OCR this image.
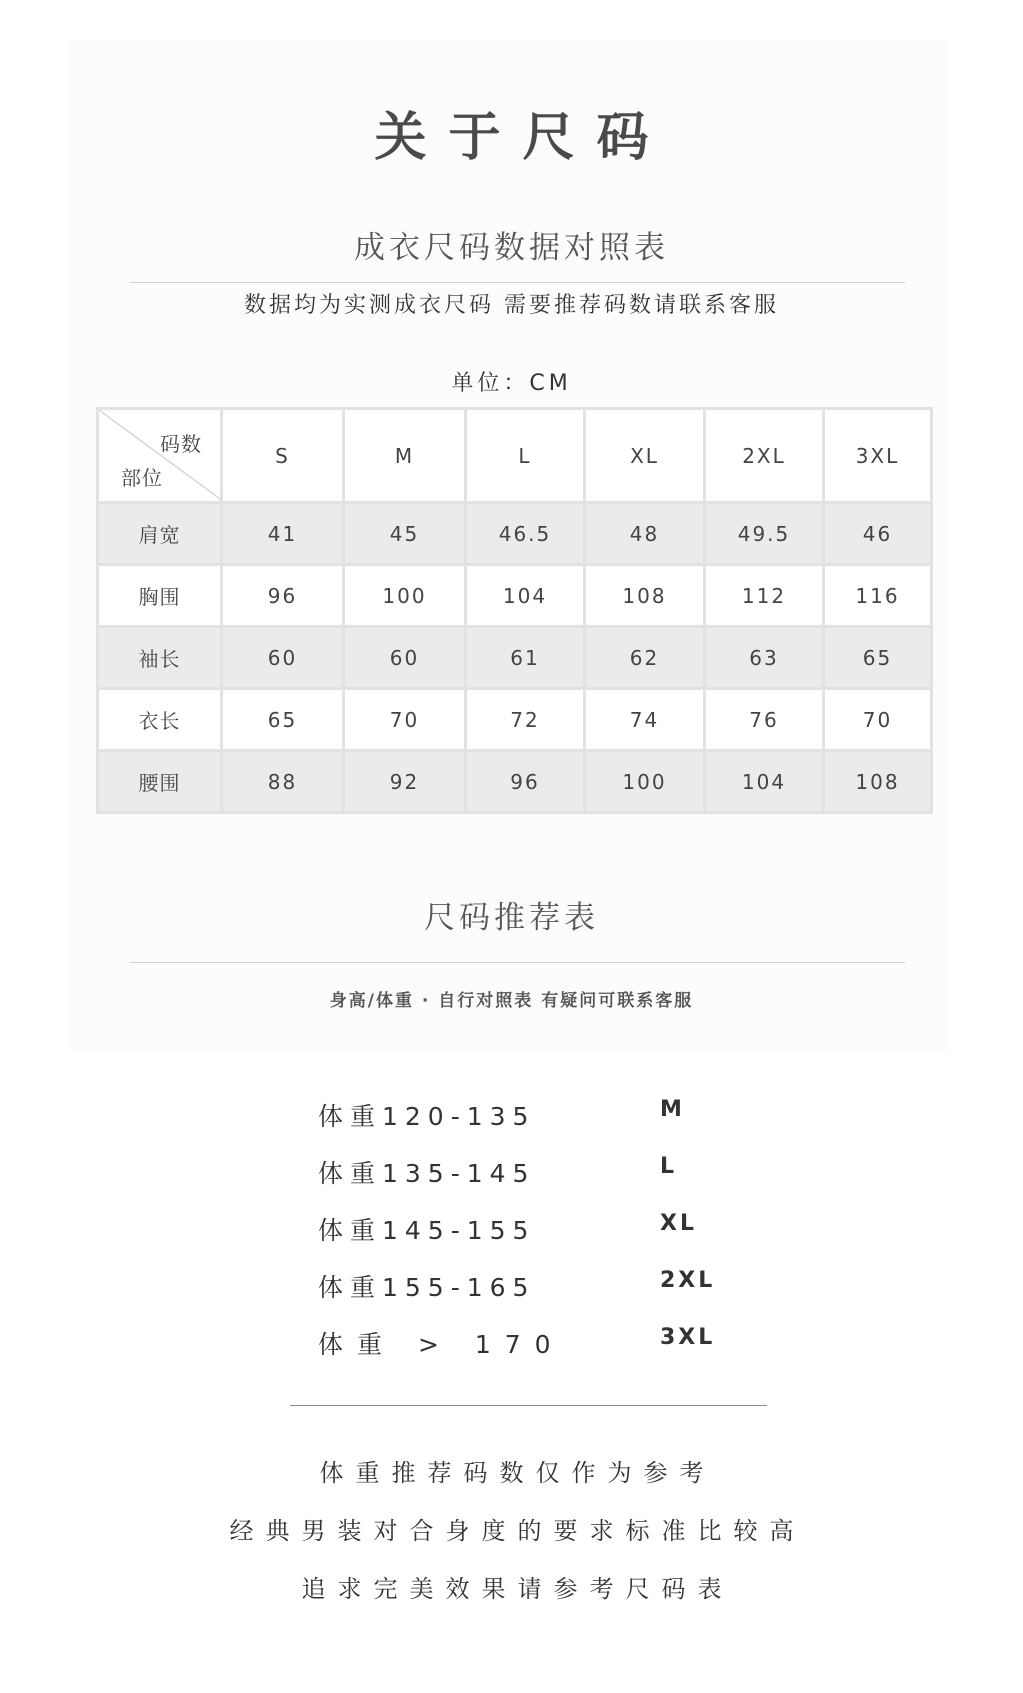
关于尺码
成衣尺码数据对照表
数据均为实测成衣尺码 需要推荐码数请联系客服
单位：CM
码数
部位	S	M	L	XL	2XL	3XL
肩宽	41	45	46.5	48	49.5	46
胸围	96	100	104	108	112	116
袖长	60	60	61	62	63	65
衣长	65	70	72	74	76	70
腰围	88	92	96	100	104	108
尺码推荐表
身高/体重 · 自行对照表 有疑问可联系客服
体重120-135	M
体重135-145	L
体重145-155	XL
体重155-165	2XL
体重 > 170	3XL
体重推荐码数仅作为参考
经典男装对合身度的要求标准比较高
追求完美效果请参考尺码表
